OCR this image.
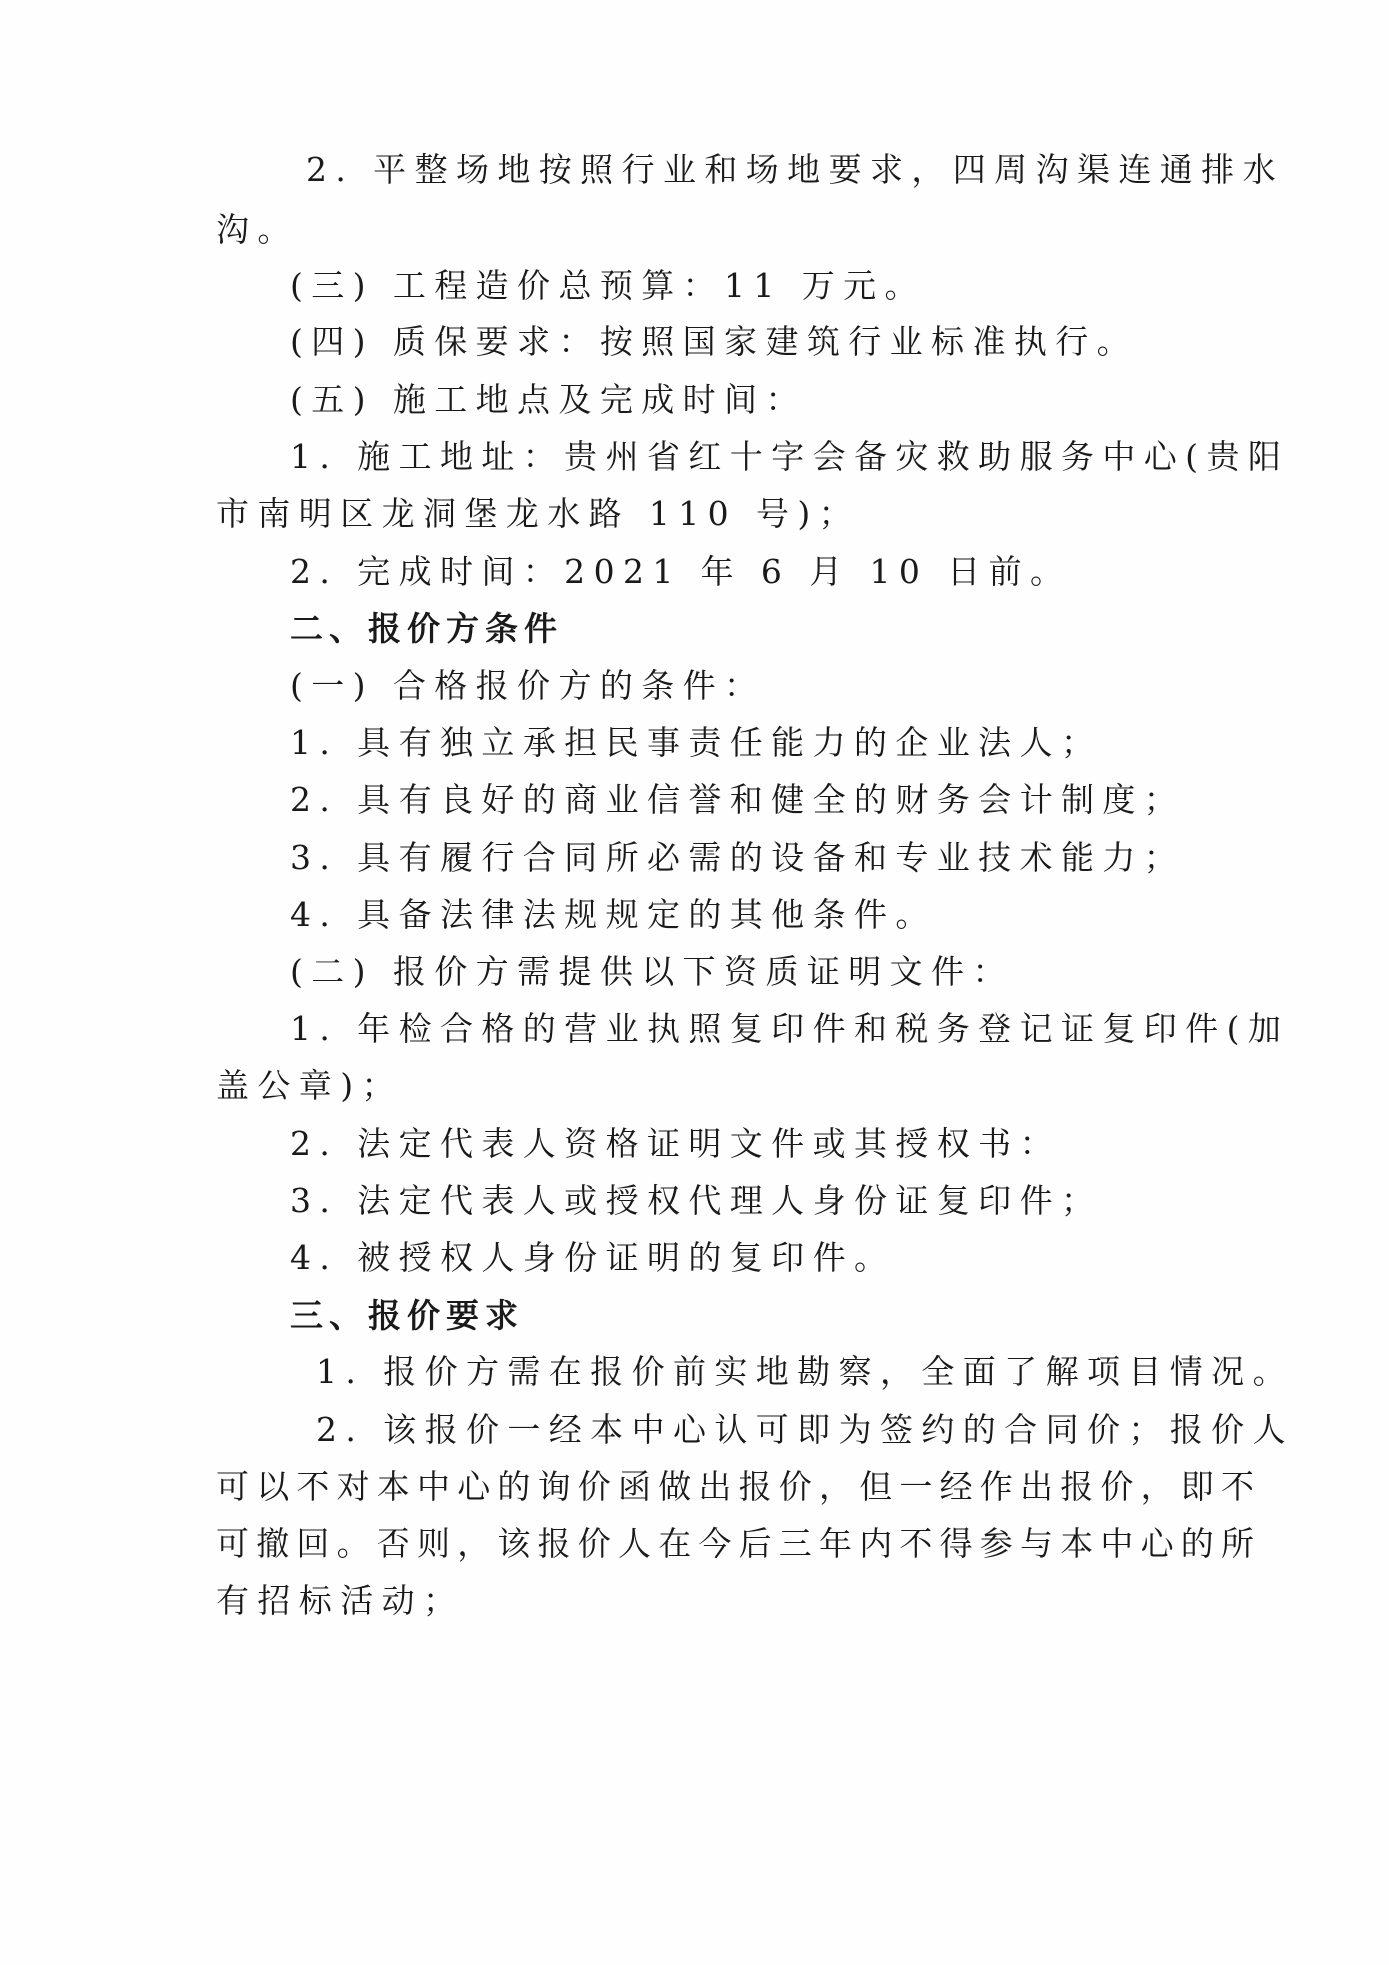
2. 平整场地按照行业和场地要求，四周沟渠连通排水
沟。
(三) 工程造价总预算：11 万元。
(四) 质保要求：按照国家建筑行业标准执行。
(五) 施工地点及完成时间：
1. 施工地址：贵州省红十字会备灾救助服务中心(贵阳
市南明区龙洞堡龙水路 110 号)；
2. 完成时间：2021 年 6 月 10 日前。
二、报价方条件
(一) 合格报价方的条件：
1. 具有独立承担民事责任能力的企业法人；
2. 具有良好的商业信誉和健全的财务会计制度；
3. 具有履行合同所必需的设备和专业技术能力；
4. 具备法律法规规定的其他条件。
(二) 报价方需提供以下资质证明文件：
1. 年检合格的营业执照复印件和税务登记证复印件(加
盖公章)；
2. 法定代表人资格证明文件或其授权书：
3. 法定代表人或授权代理人身份证复印件；
4. 被授权人身份证明的复印件。
三、报价要求
1. 报价方需在报价前实地勘察，全面了解项目情况。
2. 该报价一经本中心认可即为签约的合同价；报价人
可以不对本中心的询价函做出报价，但一经作出报价，即不
可撤回。否则，该报价人在今后三年内不得参与本中心的所
有招标活动；
